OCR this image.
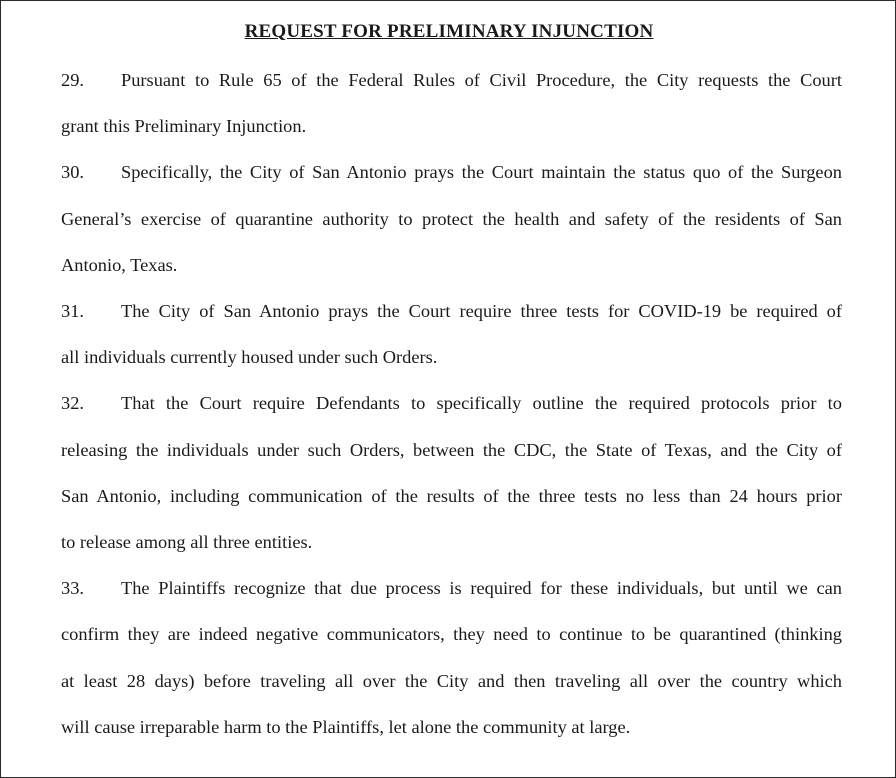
REQUEST FOR PRELIMINARY INJUNCTION
29. Pursuant to Rule 65 of the Federal Rules of Civil Procedure, the City requests the Court
grant this Preliminary Injunction.
30. Specifically, the City of San Antonio prays the Court maintain the status quo of the Surgeon
General’s exercise of quarantine authority to protect the health and safety of the residents of San
Antonio, Texas.
31. The City of San Antonio prays the Court require three tests for COVID-19 be required of
all individuals currently housed under such Orders.
32. That the Court require Defendants to specifically outline the required protocols prior to
releasing the individuals under such Orders, between the CDC, the State of Texas, and the City of
San Antonio, including communication of the results of the three tests no less than 24 hours prior
to release among all three entities.
33. The Plaintiffs recognize that due process is required for these individuals, but until we can
confirm they are indeed negative communicators, they need to continue to be quarantined (thinking
at least 28 days) before traveling all over the City and then traveling all over the country which
will cause irreparable harm to the Plaintiffs, let alone the community at large.
